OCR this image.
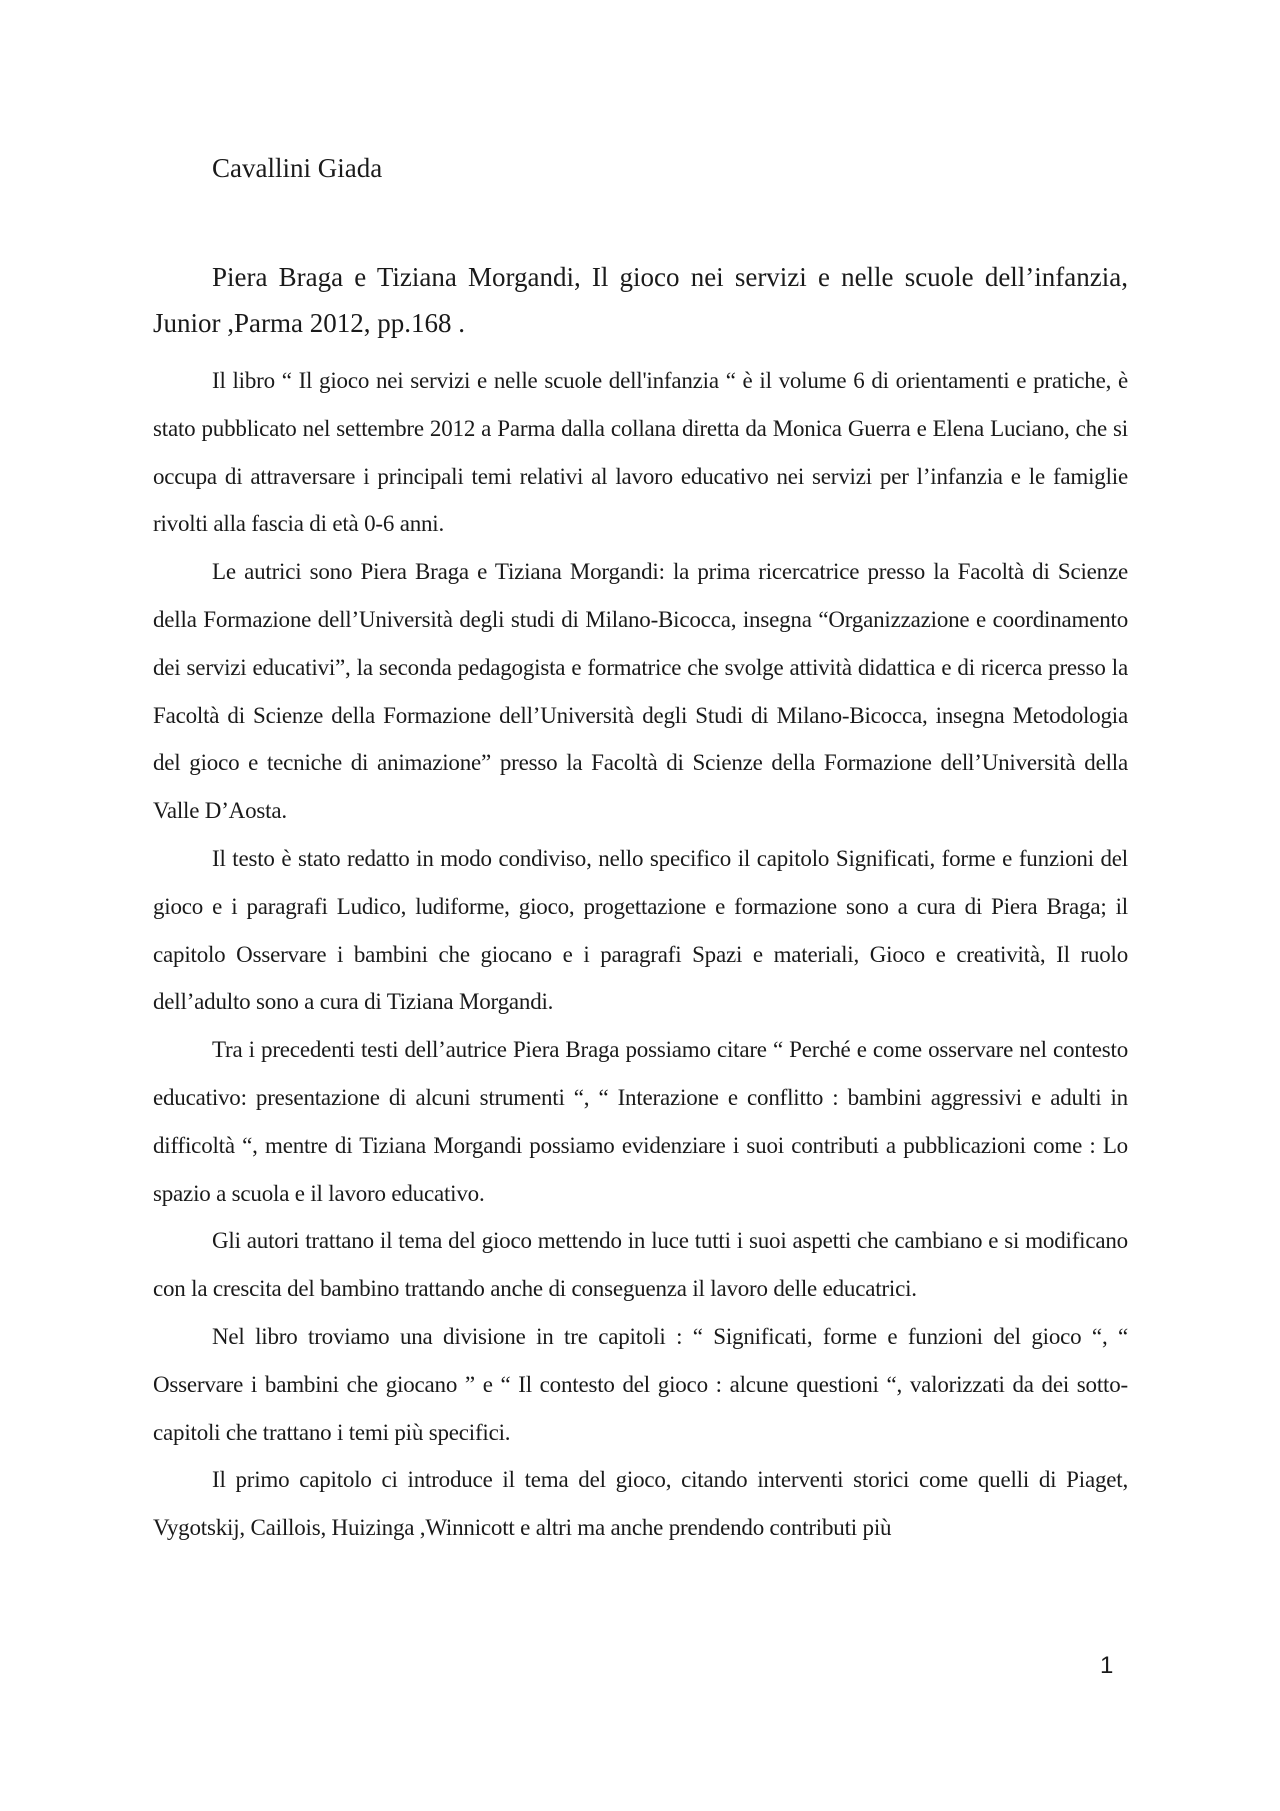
Cavallini Giada
Piera Braga e Tiziana Morgandi, Il gioco nei servizi e nelle scuole dell’infanzia, Junior ,Parma 2012, pp.168 .

Il libro “ Il gioco nei servizi e nelle scuole dell'infanzia “ è il volume 6 di orientamenti e pratiche, è stato pubblicato nel settembre 2012 a Parma dalla collana diretta da Monica Guerra e Elena Luciano, che si occupa di attraversare i principali temi relativi al lavoro educativo nei servizi per l’infanzia e le famiglie rivolti alla fascia di età 0-6 anni.

Le autrici sono Piera Braga e Tiziana Morgandi: la prima ricercatrice presso la Facoltà di Scienze della Formazione dell’Università degli studi di Milano-Bicocca, insegna “Organizzazione e coordinamento dei servizi educativi”, la seconda pedagogista e formatrice che svolge attività didattica e di ricerca presso la Facoltà di Scienze della Formazione dell’Università degli Studi di Milano-Bicocca, insegna Metodologia del gioco e tecniche di animazione” presso la Facoltà di Scienze della Formazione dell’Università della Valle D’Aosta.

Il testo è stato redatto in modo condiviso, nello specifico il capitolo Significati, forme e funzioni del gioco e i paragrafi Ludico, ludiforme, gioco, progettazione e formazione sono a cura di Piera Braga; il capitolo Osservare i bambini che giocano e i paragrafi Spazi e materiali, Gioco e creatività, Il ruolo dell’adulto sono a cura di Tiziana Morgandi.

Tra i precedenti testi dell’autrice Piera Braga possiamo citare “ Perché e come osservare nel contesto educativo: presentazione di alcuni strumenti “, “ Interazione e conflitto : bambini aggressivi e adulti in difficoltà “, mentre di Tiziana Morgandi possiamo evidenziare i suoi contributi a pubblicazioni come : Lo spazio a scuola e il lavoro educativo.

Gli autori trattano il tema del gioco mettendo in luce tutti i suoi aspetti che cambiano e si modificano con la crescita del bambino trattando anche di conseguenza il lavoro delle educatrici.

Nel libro troviamo una divisione in tre capitoli : “ Significati, forme e funzioni del gioco “, “ Osservare i bambini che giocano ” e “ Il contesto del gioco : alcune questioni “, valorizzati da dei sotto-capitoli che trattano i temi più specifici.

Il primo capitolo ci introduce il tema del gioco, citando interventi storici come quelli di Piaget, Vygotskij, Caillois, Huizinga ,Winnicott e altri ma anche prendendo contributi più

1
